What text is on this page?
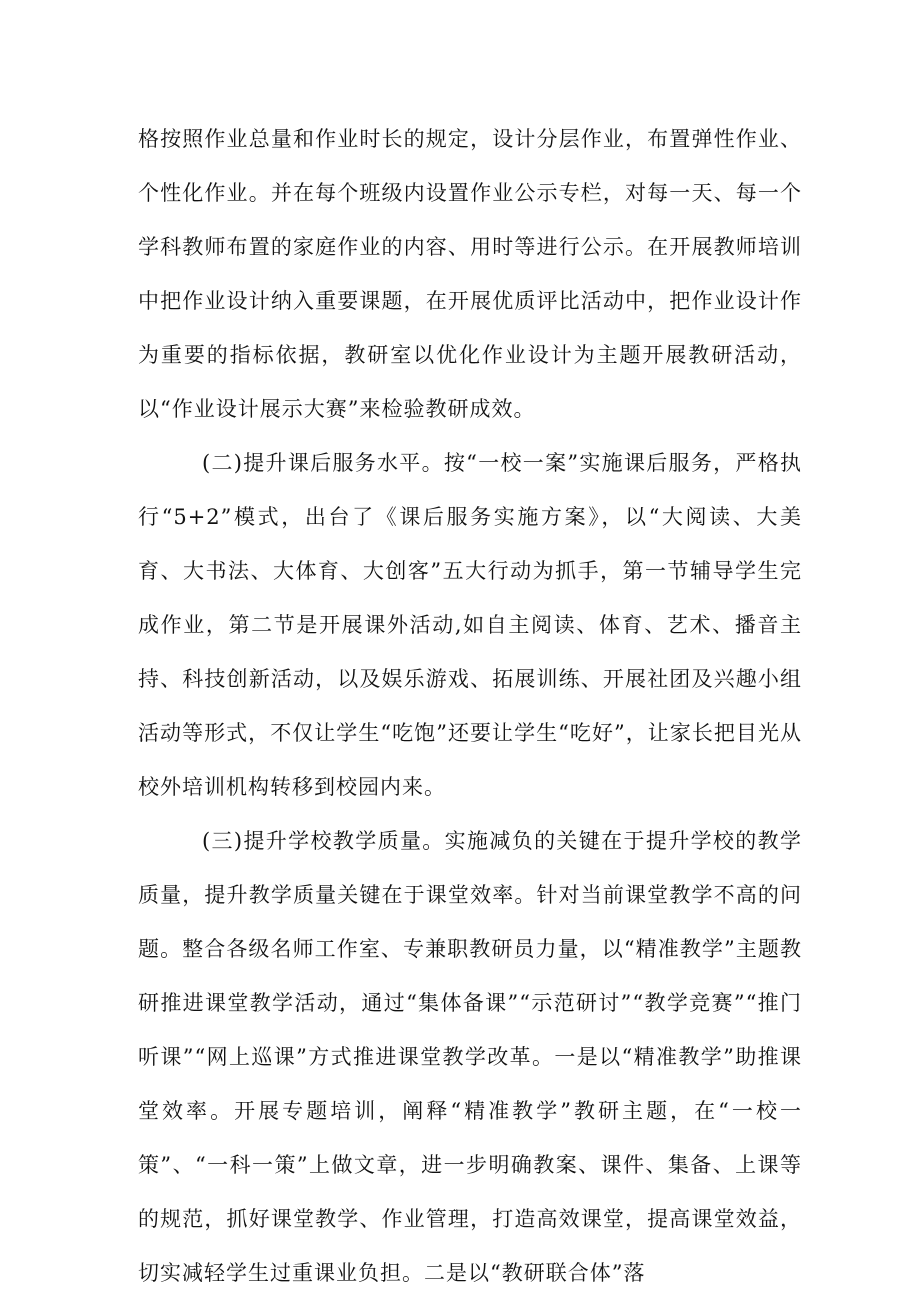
格按照作业总量和作业时长的规定，设计分层作业，布置弹性作业、个性化作业。并在每个班级内设置作业公示专栏，对每一天、每一个学科教师布置的家庭作业的内容、用时等进行公示。在开展教师培训中把作业设计纳入重要课题，在开展优质评比活动中，把作业设计作为重要的指标依据，教研室以优化作业设计为主题开展教研活动，以“作业设计展示大赛”来检验教研成效。

(二)提升课后服务水平。按“一校一案”实施课后服务，严格执行“5+2”模式，出台了《课后服务实施方案》，以“大阅读、大美育、大书法、大体育、大创客”五大行动为抓手，第一节辅导学生完成作业，第二节是开展课外活动,如自主阅读、体育、艺术、播音主持、科技创新活动，以及娱乐游戏、拓展训练、开展社团及兴趣小组活动等形式，不仅让学生“吃饱”还要让学生“吃好”，让家长把目光从校外培训机构转移到校园内来。

(三)提升学校教学质量。实施减负的关键在于提升学校的教学质量，提升教学质量关键在于课堂效率。针对当前课堂教学不高的问题。整合各级名师工作室、专兼职教研员力量，以“精准教学”主题教研推进课堂教学活动，通过“集体备课”“示范研讨”“教学竞赛”“推门听课”“网上巡课”方式推进课堂教学改革。一是以“精准教学”助推课堂效率。开展专题培训，阐释“精准教学”教研主题，在“一校一策”、“一科一策”上做文章，进一步明确教案、课件、集备、上课等的规范，抓好课堂教学、作业管理，打造高效课堂，提高课堂效益，切实减轻学生过重课业负担。二是以“教研联合体”落
